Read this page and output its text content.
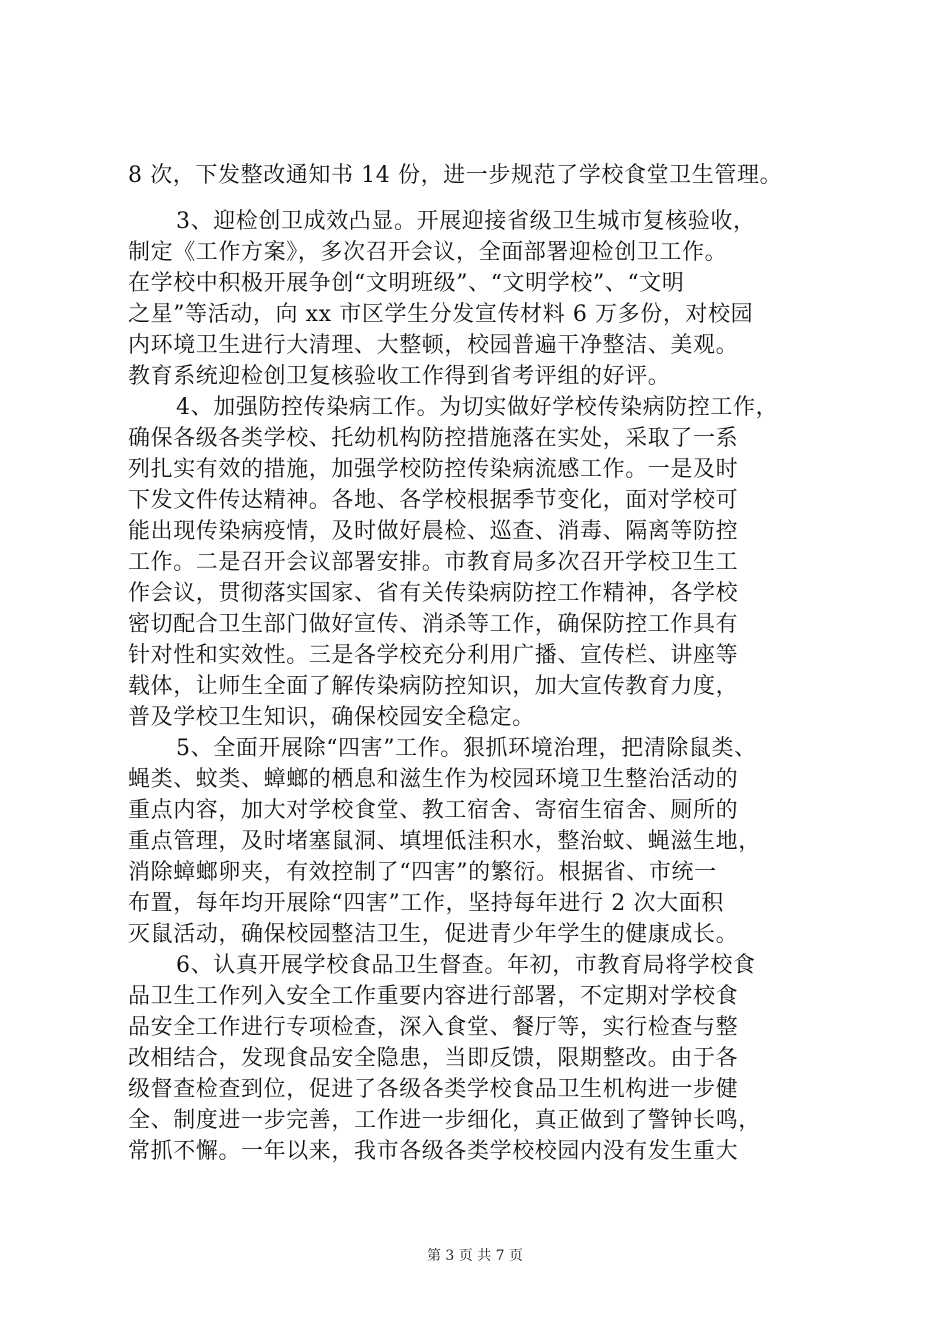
8 次，下发整改通知书 14 份，进一步规范了学校食堂卫生管理。
3、迎检创卫成效凸显。开展迎接省级卫生城市复核验收，
制定《工作方案》，多次召开会议，全面部署迎检创卫工作。
在学校中积极开展争创“文明班级”、“文明学校”、“文明
之星”等活动，向 xx 市区学生分发宣传材料 6 万多份，对校园
内环境卫生进行大清理、大整顿，校园普遍干净整洁、美观。
教育系统迎检创卫复核验收工作得到省考评组的好评。
4、加强防控传染病工作。为切实做好学校传染病防控工作，
确保各级各类学校、托幼机构防控措施落在实处，采取了一系
列扎实有效的措施，加强学校防控传染病流感工作。一是及时
下发文件传达精神。各地、各学校根据季节变化，面对学校可
能出现传染病疫情，及时做好晨检、巡查、消毒、隔离等防控
工作。二是召开会议部署安排。市教育局多次召开学校卫生工
作会议，贯彻落实国家、省有关传染病防控工作精神，各学校
密切配合卫生部门做好宣传、消杀等工作，确保防控工作具有
针对性和实效性。三是各学校充分利用广播、宣传栏、讲座等
载体，让师生全面了解传染病防控知识，加大宣传教育力度，
普及学校卫生知识，确保校园安全稳定。
5、全面开展除“四害”工作。狠抓环境治理，把清除鼠类、
蝇类、蚊类、蟑螂的栖息和滋生作为校园环境卫生整治活动的
重点内容，加大对学校食堂、教工宿舍、寄宿生宿舍、厕所的
重点管理，及时堵塞鼠洞、填埋低洼积水，整治蚊、蝇滋生地，
消除蟑螂卵夹，有效控制了“四害”的繁衍。根据省、市统一
布置，每年均开展除“四害”工作，坚持每年进行 2 次大面积
灭鼠活动，确保校园整洁卫生，促进青少年学生的健康成长。
6、认真开展学校食品卫生督查。年初，市教育局将学校食
品卫生工作列入安全工作重要内容进行部署，不定期对学校食
品安全工作进行专项检查，深入食堂、餐厅等，实行检查与整
改相结合，发现食品安全隐患，当即反馈，限期整改。由于各
级督查检查到位，促进了各级各类学校食品卫生机构进一步健
第 3 页 共 7 页
全、制度进一步完善，工作进一步细化，真正做到了警钟长鸣，
常抓不懈。一年以来，我市各级各类学校校园内没有发生重大
